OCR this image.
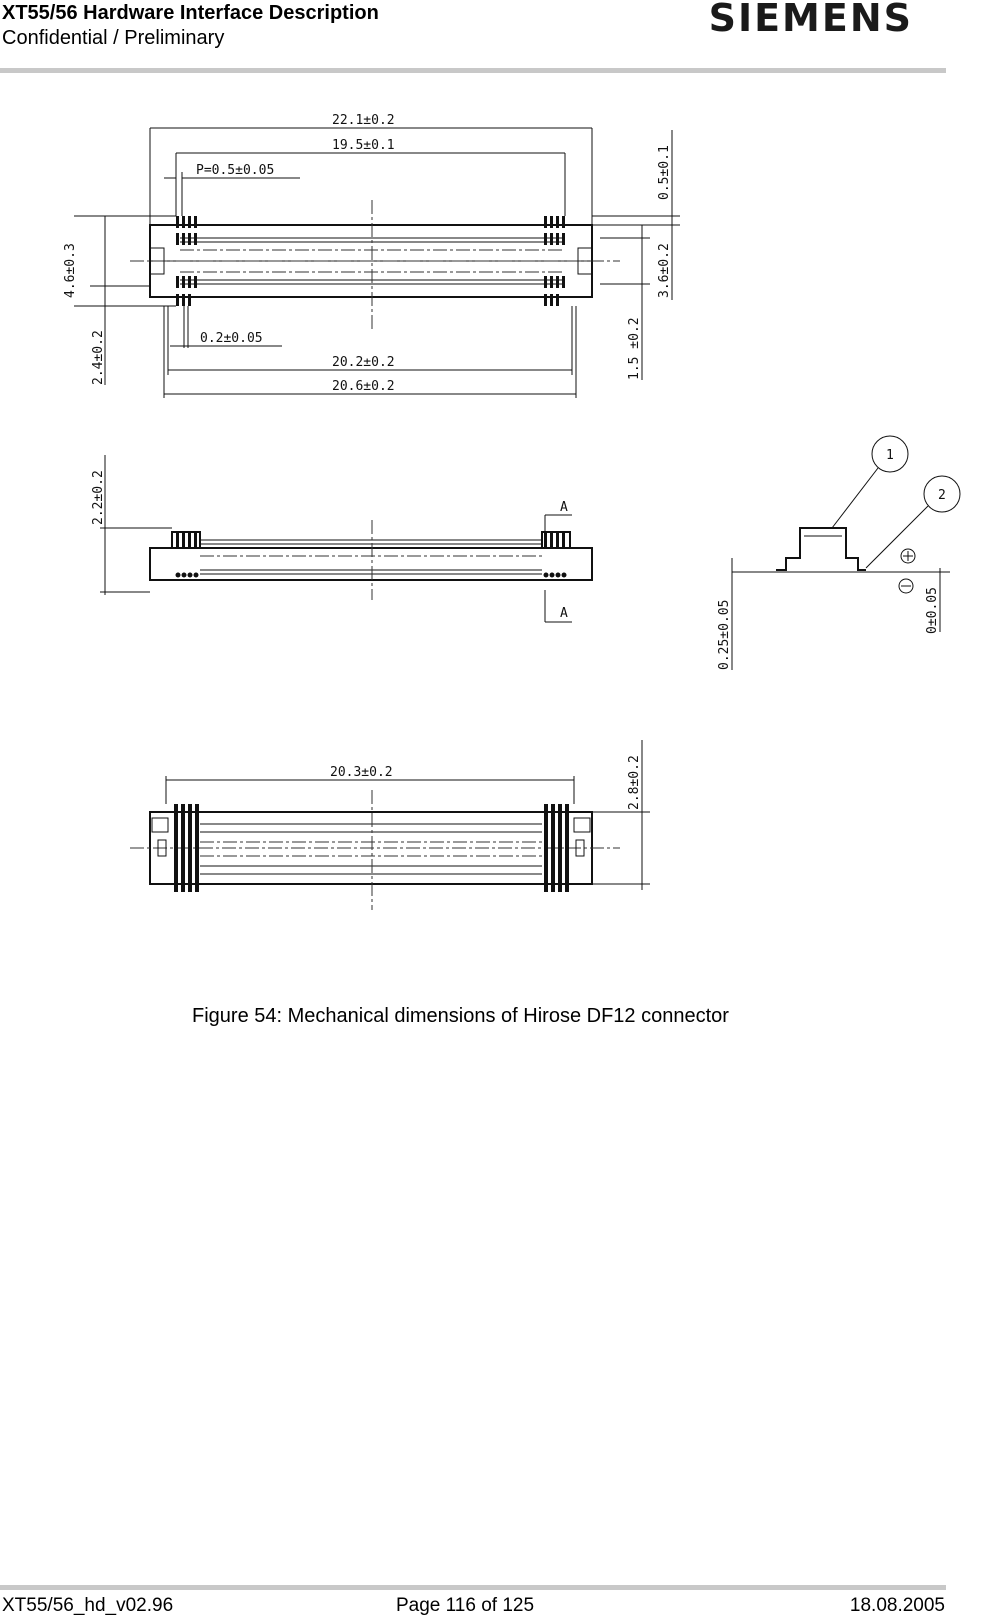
XT55/56 Hardware Interface Description
Confidential / Preliminary	SIEMENS
22.1±0.2
19.5±0.1
P=0.5±0.05
0.2±0.05
20.2±0.2
20.6±0.2
4.6±0.3
2.4±0.2
0.5±0.1
3.6±0.2
1.5 ±0.2
2.2±0.2	A
A
1
2
0.25±0.05	0±0.05
20.3±0.2	2.8±0.2
Figure 54: Mechanical dimensions of Hirose DF12 connector
XT55/56_hd_v02.96	Page 116 of 125	18.08.2005
